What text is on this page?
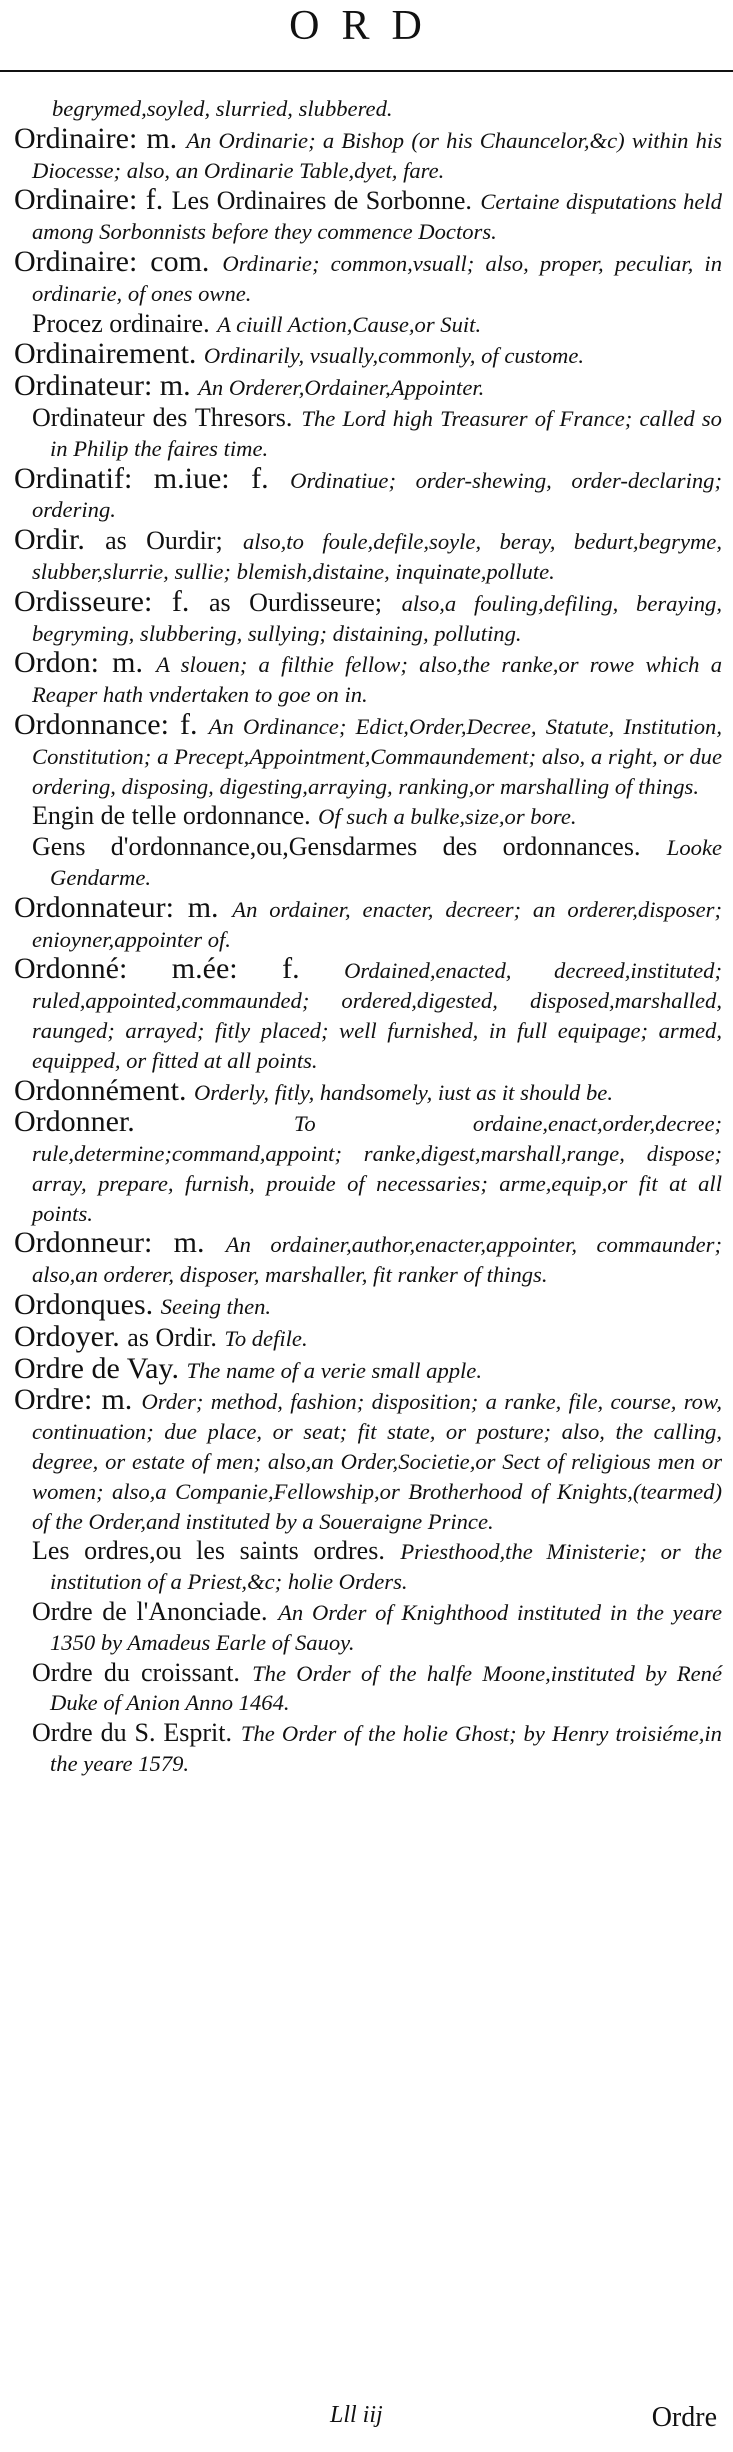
ORD

begrymed,soyled, slurried, slubbered.

Ordinaire: m. An Ordinarie; a Bishop (or his Chauncelor,&c) within his Diocesse; also, an Ordinarie Table,dyet, fare.

Ordinaire: f. Les Ordinaires de Sorbonne. Certaine disputations held among Sorbonnists before they commence Doctors.

Ordinaire: com. Ordinarie; common,vsuall; also, proper, peculiar, in ordinarie, of ones owne.

Procez ordinaire. A ciuill Action,Cause,or Suit.

Ordinairement. Ordinarily, vsually,commonly, of custome.

Ordinateur: m. An Orderer,Ordainer,Appointer.

Ordinateur des Thresors. The Lord high Treasurer of France; called so in Philip the faires time.

Ordinatif: m.iue: f. Ordinatiue; order-shewing, order-declaring; ordering.

Ordir. as Ourdir; also,to foule,defile,soyle, beray, bedurt,begryme, slubber,slurrie, sullie; blemish,distaine, inquinate,pollute.

Ordisseure: f. as Ourdisseure; also,a fouling,defiling, beraying, begryming, slubbering, sullying; distaining, polluting.

Ordon: m. A slouen; a filthie fellow; also,the ranke,or rowe which a Reaper hath vndertaken to goe on in.

Ordonnance: f. An Ordinance; Edict,Order,Decree, Statute, Institution, Constitution; a Precept,Appointment,Commaundement; also, a right, or due ordering, disposing, digesting,arraying, ranking,or marshalling of things.

Engin de telle ordonnance. Of such a bulke,size,or bore.

Gens d'ordonnance,ou,Gensdarmes des ordonnances. Looke Gendarme.

Ordonnateur: m. An ordainer, enacter, decreer; an orderer,disposer; enioyner,appointer of.

Ordonné: m.ée: f. Ordained,enacted, decreed,instituted; ruled,appointed,commaunded; ordered,digested, disposed,marshalled, raunged; arrayed; fitly placed; well furnished, in full equipage; armed, equipped, or fitted at all points.

Ordonnément. Orderly, fitly, handsomely, iust as it should be.

Ordonner.	To ordaine,enact,order,decree; rule,determine;command,appoint; ranke,digest,marshall,range, dispose; array, prepare, furnish, prouide of necessaries; arme,equip,or fit at all points.

Ordonneur: m. An ordainer,author,enacter,appointer, commaunder; also,an orderer, disposer, marshaller, fit ranker of things.

Ordonques. Seeing then.

Ordoyer. as Ordir. To defile.

Ordre de Vay. The name of a verie small apple.

Ordre: m. Order; method, fashion; disposition; a ranke, file, course, row, continuation; due place, or seat; fit state, or posture; also, the calling, degree, or estate of men; also,an Order,Societie,or Sect of religious men or women; also,a Companie,Fellowship,or Brotherhood of Knights,(tearmed) of the Order,and instituted by a Soueraigne Prince.

Les ordres,ou les saints ordres. Priesthood,the Ministerie; or the institution of a Priest,&c; holie Orders.

Ordre de l'Anonciade. An Order of Knighthood instituted in the yeare 1350 by Amadeus Earle of Sauoy.

Ordre du croissant. The Order of the halfe Moone,instituted by René Duke of Anion Anno 1464.

Ordre du S. Esprit. The Order of the holie Ghost; by Henry troisiéme,in the yeare 1579.

Lll iij	Ordre
